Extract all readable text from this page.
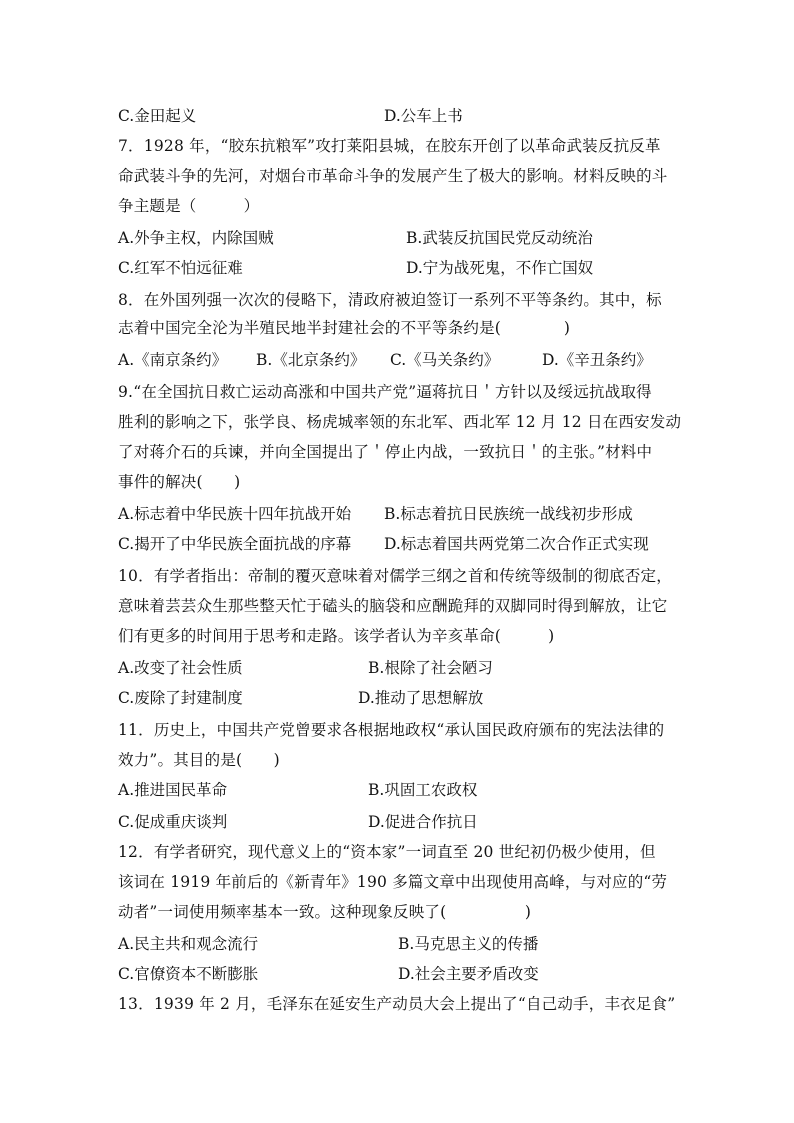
C.金田起义	D.公车上书
7．1928 年，“胶东抗粮军”攻打莱阳县城，在胶东开创了以革命武装反抗反革
命武装斗争的先河，对烟台市革命斗争的发展产生了极大的影响。材料反映的斗
争主题是（　　　）
A.外争主权，内除国贼	B.武装反抗国民党反动统治
C.红军不怕远征难	D.宁为战死鬼，不作亡国奴
8．在外国列强一次次的侵略下，清政府被迫签订一系列不平等条约。其中，标
志着中国完全沦为半殖民地半封建社会的不平等条约是(　　　　)
A.《南京条约》 B.《北京条约》 C.《马关条约》	D.《辛丑条约》
9.“在全国抗日救亡运动高涨和中国共产党”逼蒋抗日＇方针以及绥远抗战取得
胜利的影响之下，张学良、杨虎城率领的东北军、西北军 12 月 12 日在西安发动
了对蒋介石的兵谏，并向全国提出了＇停止内战，一致抗日＇的主张。”材料中
事件的解决(　　)
A.标志着中华民族十四年抗战开始 B.标志着抗日民族统一战线初步形成
C.揭开了中华民族全面抗战的序幕 D.标志着国共两党第二次合作正式实现
10．有学者指出：帝制的覆灭意味着对儒学三纲之首和传统等级制的彻底否定，
意味着芸芸众生那些整天忙于磕头的脑袋和应酬跪拜的双脚同时得到解放，让它
们有更多的时间用于思考和走路。该学者认为辛亥革命(　　　)
A.改变了社会性质	B.根除了社会陋习
C.废除了封建制度	D.推动了思想解放
11．历史上，中国共产党曾要求各根据地政权“承认国民政府颁布的宪法法律的
效力”。其目的是(　　)
A.推进国民革命	B.巩固工农政权
C.促成重庆谈判	D.促进合作抗日
12．有学者研究，现代意义上的“资本家”一词直至 20 世纪初仍极少使用，但
该词在 1919 年前后的《新青年》190 多篇文章中出现使用高峰，与对应的“劳
动者”一词使用频率基本一致。这种现象反映了(　　　　　)
A.民主共和观念流行	B.马克思主义的传播
C.官僚资本不断膨胀	D.社会主要矛盾改变
13．1939 年 2 月，毛泽东在延安生产动员大会上提出了“自己动手，丰衣足食”
